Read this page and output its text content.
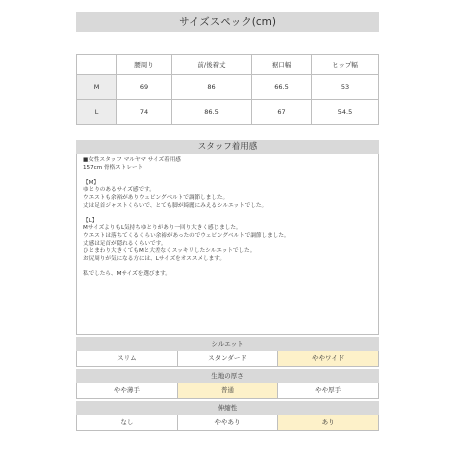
サイズスペック(cm)
	腰周り	前/後着丈	裾口幅	ヒップ幅
M	69	86	66.5	53
L	74	86.5	67	54.5
スタッフ着用感
■女性スタッフ マルヤマ サイズ着用感
157cm 骨格ストレート
【M】
ゆとりのあるサイズ感です。
ウエストも余裕がありウェビングベルトで調節しました。
丈は足首ジャストくらいで、とても脚が綺麗にみえるシルエットでした。
【L】
MサイズよりもL気持ちゆとりがあり一回り大きく感じました。
ウエストは落ちてくるくらい余裕があったのでウェビングベルトで調節しました。
丈感は足首が隠れるくらいです。
ひとまわり大きくてもMと大差なくスッキリしたシルエットでした。
お尻周りが気になる方には、Lサイズをオススメします。
私でしたら、Mサイズを選びます。
シルエット
スリム	スタンダード	ややワイド
生地の厚さ
やや薄手	普通	やや厚手
伸縮性
なし	ややあり	あり
